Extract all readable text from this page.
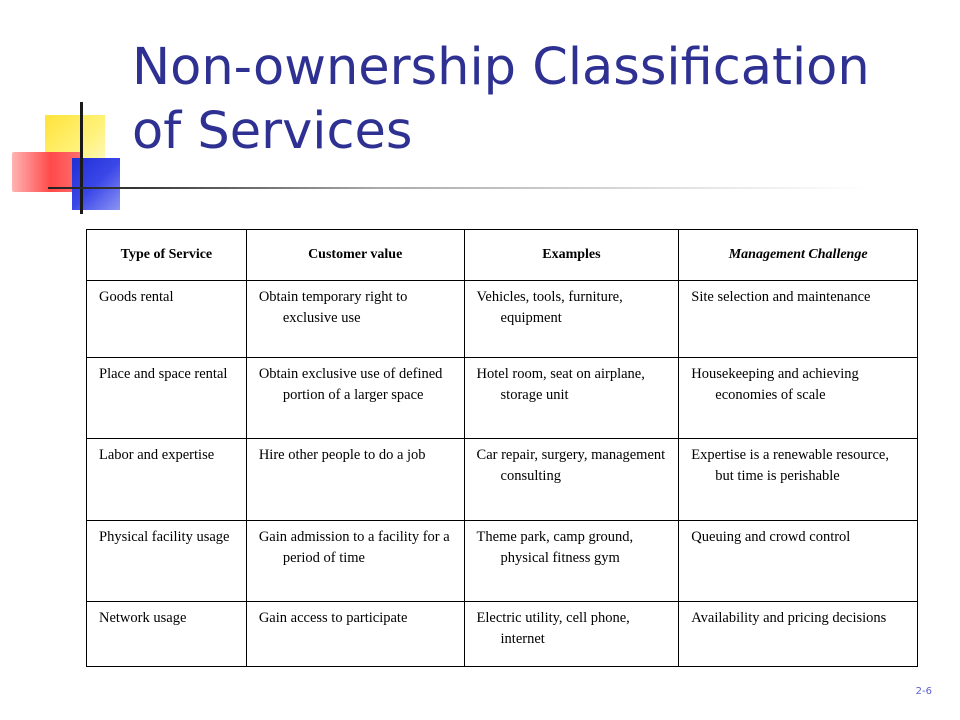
Non-ownership Classification of Services
Type of Service	Customer value	Examples	Management Challenge

Goods rental	Obtain temporary right to exclusive use	Vehicles, tools, furniture, equipment	Site selection and maintenance

Place and space rental	Obtain exclusive use of defined portion of a larger space	Hotel room, seat on airplane, storage unit	Housekeeping and achieving economies of scale

Labor and expertise	Hire other people to do a job	Car repair, surgery, management consulting	Expertise is a renewable resource, but time is perishable

Physical facility usage	Gain admission to a facility for a period of time	Theme park, camp ground, physical fitness gym	Queuing and crowd control

Network usage	Gain access to participate	Electric utility, cell phone, internet	Availability and pricing decisions
2-6
